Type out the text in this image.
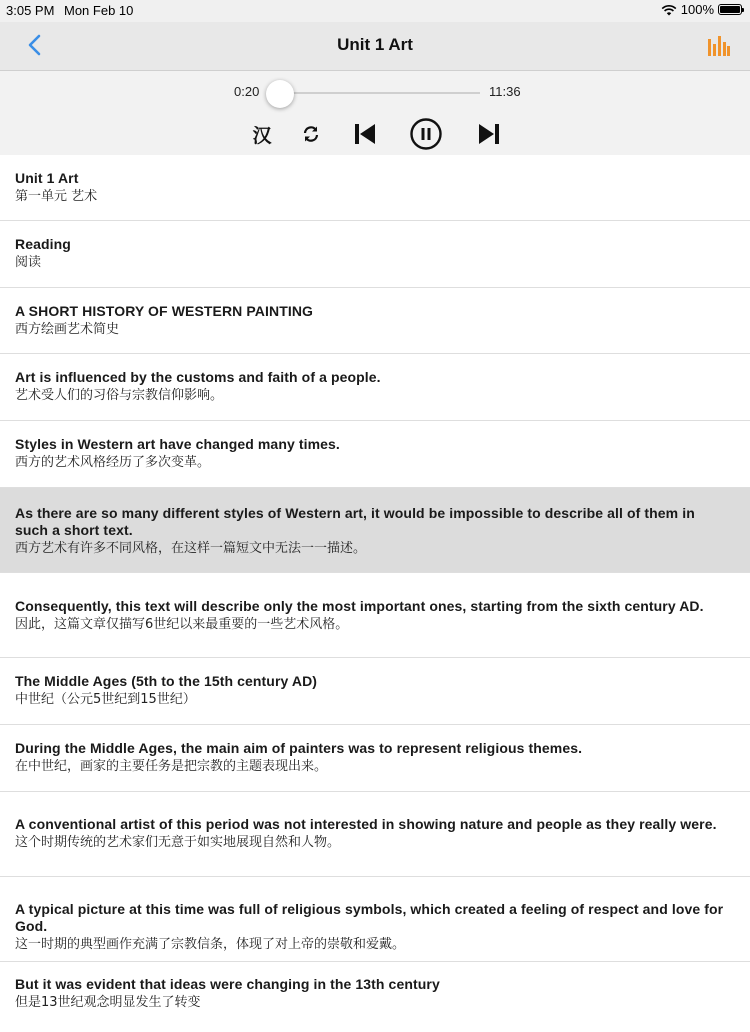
3:05 PM Mon Feb 10	100%
Unit 1 Art
0:20	11:36
汉
Unit 1 Art
第一单元 艺术
Reading
阅读
A SHORT HISTORY OF WESTERN PAINTING
西方绘画艺术简史
Art is influenced by the customs and faith of a people.
艺术受人们的习俗与宗教信仰影响。
Styles in Western art have changed many times.
西方的艺术风格经历了多次变革。
As there are so many different styles of Western art, it would be impossible to describe all of them in such a short text.
西方艺术有许多不同风格，在这样一篇短文中无法一一描述。
Consequently, this text will describe only the most important ones, starting from the sixth century AD.
因此，这篇文章仅描写6世纪以来最重要的一些艺术风格。
The Middle Ages (5th to the 15th century AD)
中世纪（公元5世纪到15世纪）
During the Middle Ages, the main aim of painters was to represent religious themes.
在中世纪，画家的主要任务是把宗教的主题表现出来。
A conventional artist of this period was not interested in showing nature and people as they really were.
这个时期传统的艺术家们无意于如实地展现自然和人物。
A typical picture at this time was full of religious symbols, which created a feeling of respect and love for God.
这一时期的典型画作充满了宗教信条，体现了对上帝的崇敬和爱戴。
But it was evident that ideas were changing in the 13th century
但是13世纪观念明显发生了转变
